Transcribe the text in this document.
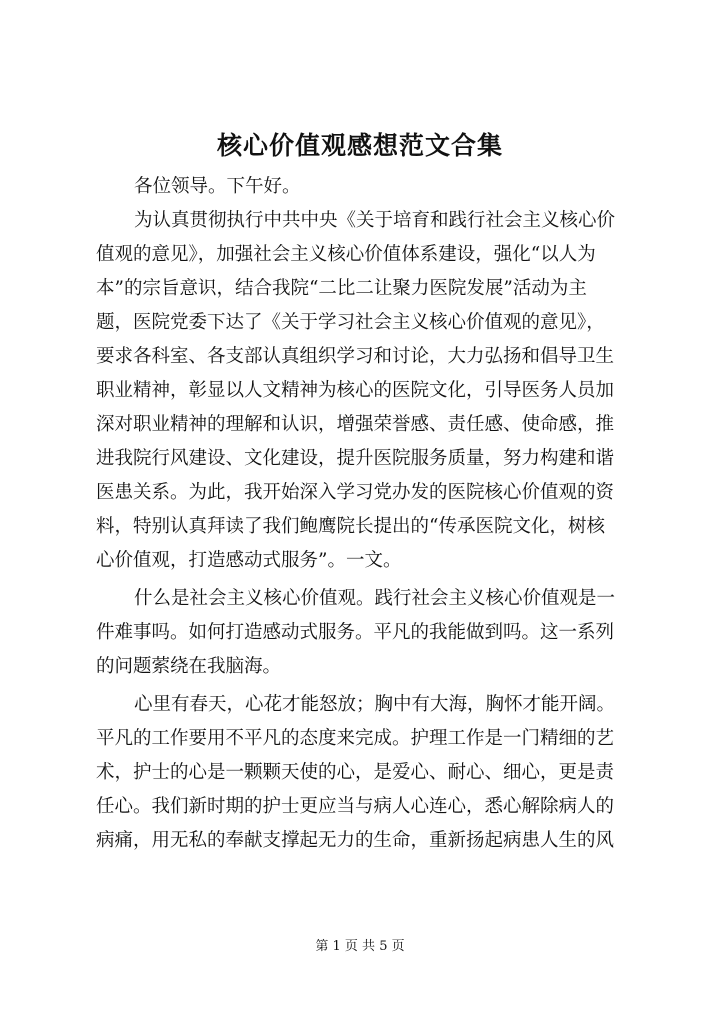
核心价值观感想范文合集

各位领导。下午好。

为认真贯彻执行中共中央《关于培育和践行社会主义核心价
值观的意见》，加强社会主义核心价值体系建设，强化“以人为
本”的宗旨意识，结合我院“二比二让聚力医院发展”活动为主
题，医院党委下达了《关于学习社会主义核心价值观的意见》，
要求各科室、各支部认真组织学习和讨论，大力弘扬和倡导卫生
职业精神，彰显以人文精神为核心的医院文化，引导医务人员加
深对职业精神的理解和认识，增强荣誉感、责任感、使命感，推
进我院行风建设、文化建设，提升医院服务质量，努力构建和谐
医患关系。为此，我开始深入学习党办发的医院核心价值观的资
料，特别认真拜读了我们鲍鹰院长提出的“传承医院文化，树核
心价值观，打造感动式服务”。一文。

什么是社会主义核心价值观。践行社会主义核心价值观是一
件难事吗。如何打造感动式服务。平凡的我能做到吗。这一系列
的问题萦绕在我脑海。

心里有春天，心花才能怒放；胸中有大海，胸怀才能开阔。
平凡的工作要用不平凡的态度来完成。护理工作是一门精细的艺
术，护士的心是一颗颗天使的心，是爱心、耐心、细心，更是责
任心。我们新时期的护士更应当与病人心连心，悉心解除病人的
病痛，用无私的奉献支撑起无力的生命，重新扬起病患人生的风

第 1 页 共 5 页
